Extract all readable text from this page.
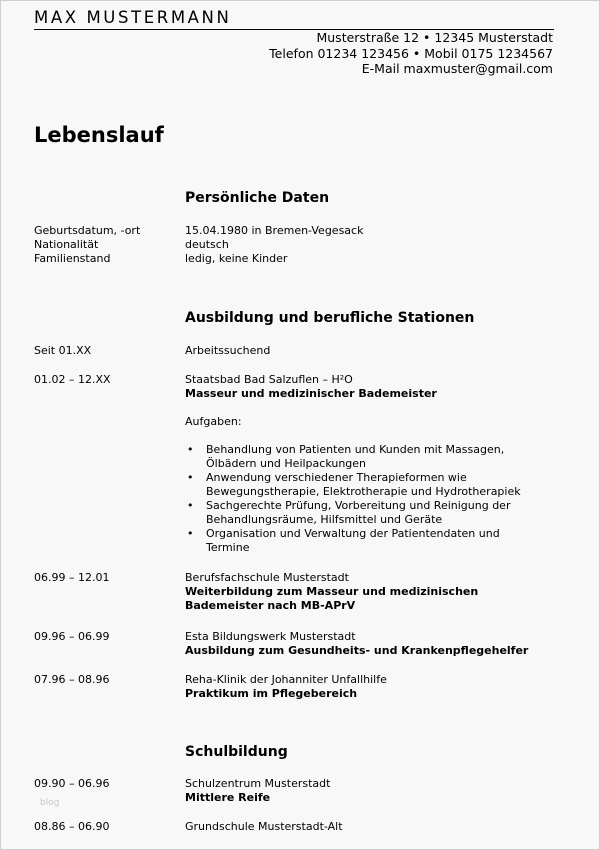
MAX MUSTERMANN
Musterstraße 12 • 12345 Musterstadt
Telefon 01234 123456 • Mobil 0175 1234567
E-Mail maxmuster@gmail.com
Lebenslauf
Persönliche Daten
Geburtsdatum, -ort	15.04.1980 in Bremen-Vegesack
Nationalität	deutsch
Familienstand	ledig, keine Kinder
Ausbildung und berufliche Stationen
Seit 01.XX	Arbeitssuchend
01.02 – 12.XX	Staatsbad Bad Salzuflen – H²O
Masseur und medizinischer Bademeister
Aufgaben:
• Behandlung von Patienten und Kunden mit Massagen,
Ölbädern und Heilpackungen
• Anwendung verschiedener Therapieformen wie
Bewegungstherapie, Elektrotherapie und Hydrotherapiek
• Sachgerechte Prüfung, Vorbereitung und Reinigung der
Behandlungsräume, Hilfsmittel und Geräte
• Organisation und Verwaltung der Patientendaten und
Termine
06.99 – 12.01	Berufsfachschule Musterstadt
Weiterbildung zum Masseur und medizinischen
Bademeister nach MB-APrV
09.96 – 06.99	Esta Bildungswerk Musterstadt
Ausbildung zum Gesundheits- und Krankenpflegehelfer
07.96 – 08.96	Reha-Klinik der Johanniter Unfallhilfe
Praktikum im Pflegebereich
Schulbildung
09.90 – 06.96	Schulzentrum Musterstadt
Mittlere Reife
08.86 – 06.90	Grundschule Musterstadt-Alt
blog
